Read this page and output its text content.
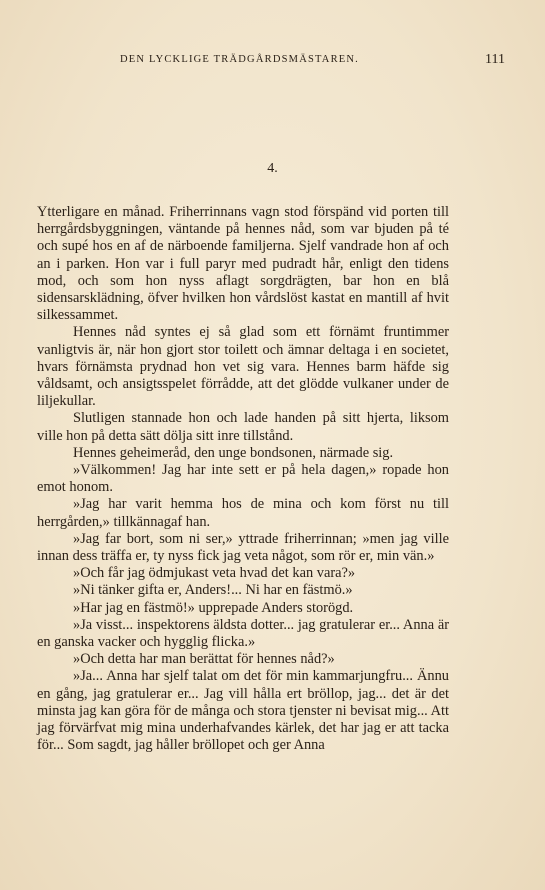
DEN LYCKLIGE TRÄDGÅRDSMÄSTAREN.	111
4.

Ytterligare en månad. Friherrinnans vagn stod förspänd vid porten till herrgårdsbyggningen, väntande på hennes nåd, som var bjuden på té och supé hos en af de närboende familjerna. Sjelf vandrade hon af och an i parken. Hon var i full paryr med pudradt hår, enligt den tidens mod, och som hon nyss aflagt sorgdrägten, bar hon en blå sidensarsklädning, öfver hvilken hon vårdslöst kastat en mantill af hvit silkessammet.

Hennes nåd syntes ej så glad som ett förnämt fruntimmer vanligtvis är, när hon gjort stor toilett och ämnar deltaga i en societet, hvars förnämsta prydnad hon vet sig vara. Hennes barm häfde sig våldsamt, och ansigtsspelet förrådde, att det glödde vulkaner under de liljekullar.

Slutligen stannade hon och lade handen på sitt hjerta, liksom ville hon på detta sätt dölja sitt inre tillstånd.

Hennes geheimeråd, den unge bondsonen, närmade sig.

»Välkommen! Jag har inte sett er på hela dagen,» ropade hon emot honom.

»Jag har varit hemma hos de mina och kom först nu till herrgården,» tillkännagaf han.

»Jag far bort, som ni ser,» yttrade friherrinnan; »men jag ville innan dess träffa er, ty nyss fick jag veta något, som rör er, min vän.»

»Och får jag ödmjukast veta hvad det kan vara?»

»Ni tänker gifta er, Anders!... Ni har en fästmö.»

»Har jag en fästmö!» upprepade Anders storögd.

»Ja visst... inspektorens äldsta dotter... jag gratulerar er... Anna är en ganska vacker och hygglig flicka.»

»Och detta har man berättat för hennes nåd?»

»Ja... Anna har sjelf talat om det för min kammarjungfru... Ännu en gång, jag gratulerar er... Jag vill hålla ert bröllop, jag... det är det minsta jag kan göra för de många och stora tjenster ni bevisat mig... Att jag förvärfvat mig mina underhafvandes kärlek, det har jag er att tacka för... Som sagdt, jag håller bröllopet och ger Anna
